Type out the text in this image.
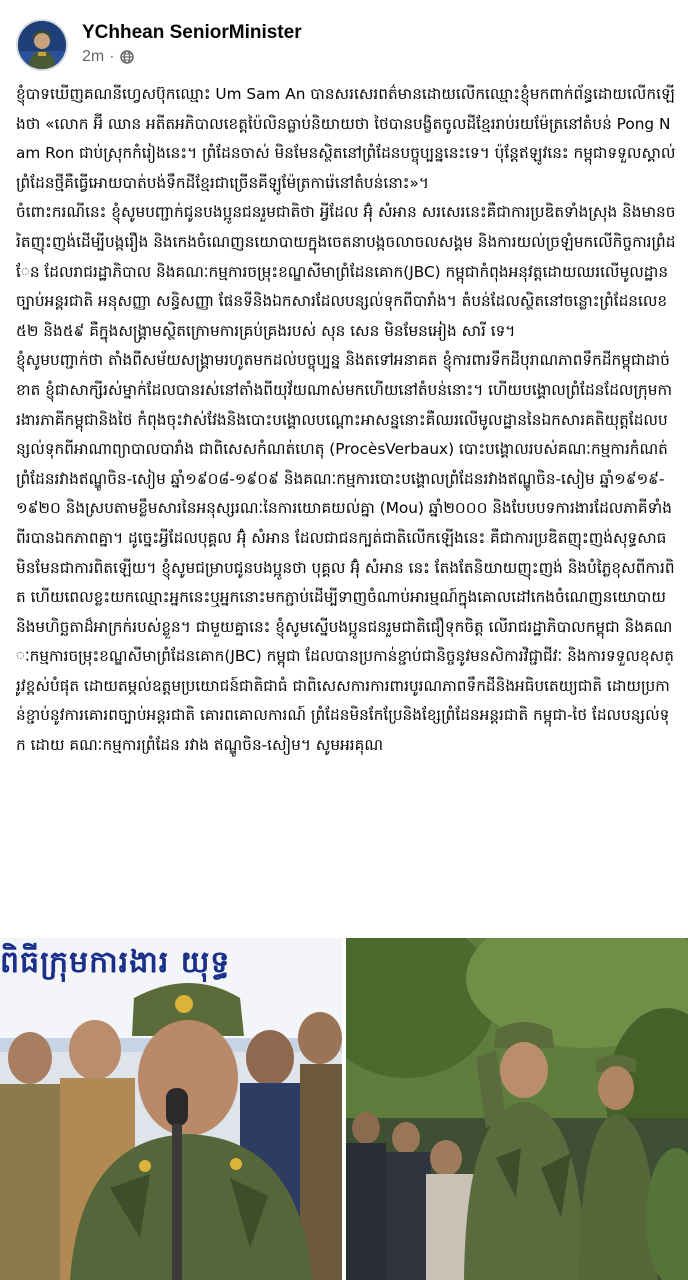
YChhean SeniorMinister
2m ·

ខ្ញុំបាទឃើញគណនីហ្វេសប៊ុកឈ្មោះ Um Sam An បានសរសេរពត៌មានដោយលើកឈ្មោះខ្ញុំមកពាក់ព័ន្ធដោយលើកឡើងថា «លោក អ៊ី ឈាន អតីតអភិបាលខេត្តប៉ៃលិនធ្លាប់និយាយថា ថៃបានបង្ខិតចូលដីខ្មែររាប់រយម៉ែត្រនៅតំបន់ Pong Nam Ron ជាប់ស្រុកកំរៀងនេះ។ ព្រំដែនចាស់ មិនមែនស្ថិតនៅព្រំដែនបច្ចុប្បន្ននេះទេ។ ប៉ុន្តែឥឡូវនេះ កម្ពុជាទទួលស្គាល់ព្រំដែនថ្មីគឺធ្វើអោយបាត់បង់ទឹកដីខ្មែរជាច្រើនគីឡូម៉ែត្រការ៉េនៅតំបន់នោះ»។

ចំពោះករណីនេះ ខ្ញុំសូមបញ្ជាក់ជូនបងប្អូនជនរួមជាតិថា អ្វីដែល អ៊ុំ សំអាន សរសេរនេះគឺជាការប្រឌិតទាំងស្រុង និងមានចរិតញុះញង់ដើម្បីបង្ករឿង និងកេងចំណេញនយោបាយក្នុងចេតនាបង្កចលាចលសង្គម និងការយល់ច្រឡំមកលើកិច្ចការព្រំដែន ដែលរាជរដ្ឋាភិបាល និងគណៈកម្មការចម្រុះខណ្ឌសីមាព្រំដែនគោក(JBC) កម្ពុជាកំពុងអនុវត្តដោយឈរលើមូលដ្ឋានច្បាប់អន្តរជាតិ អនុសញ្ញា សន្ធិសញ្ញា ផែនទីនិងឯកសារដែលបន្សល់ទុកពីបារាំង។ តំបន់ដែលស្ថិតនៅចន្លោះព្រំដែនលេខ៥២ និង៥៩ គឺក្នុងសង្គ្រាមស្ថិតក្រោមការគ្រប់គ្រងរបស់ សុន សេន មិនមែនអៀង សារី ទេ។

ខ្ញុំសូមបញ្ជាក់ថា តាំងពីសម័យសង្គ្រាមរហូតមកដល់បច្ចុប្បន្ន និងតទៅអនាគត ខ្ញុំការពារទឹកដីបុរាណភាពទឹកដីកម្ពុជាដាច់ខាត ខ្ញុំជាសាក្សីរស់ម្នាក់ដែលបានរស់នៅតាំងពីយុវ័យណាស់មកហើយនៅតំបន់នោះ។ ហើយបង្គោលព្រំដែនដែលក្រុមការងារភាគីកម្ពុជានិងថៃ កំពុងចុះវាស់វែងនិងបោះបង្គោលបណ្តោះអាសន្ននោះគឺឈរលើមូលដ្ឋាននៃឯកសារគតិយុត្តដែលបន្សល់ទុកពីអាណាព្យាបាលបារាំង ជាពិសេសកំណត់ហេតុ (ProcèsVerbaux) បោះបង្គោលរបស់គណៈកម្មការកំណត់ព្រំដែនរវាងឥណ្ឌូចិន-សៀម ឆ្នាំ១៩០៨-១៩០៩ និងគណៈកម្មការបោះបង្គោលព្រំដែនរវាងឥណ្ឌូចិន-សៀម ឆ្នាំ១៩១៩-១៩២០ និងស្របតាមខ្លឹមសារនៃអនុស្សរណៈនៃការយោគយល់គ្នា (Mou) ឆ្នាំ២០០០ និងបែបបទការងារដែលភាគីទាំងពីរបានឯកភាពគ្នា។ ដូច្នេះអ្វីដែលបុគ្គល អ៊ុំ សំអាន ដែលជាជនក្បត់ជាតិលើកឡើងនេះ គឺជាការប្រឌិតញុះញង់សុទ្ធសាធមិនមែនជាការពិតឡើយ។ ខ្ញុំសូមជម្រាបជូនបងប្អូនថា បុគ្គល អ៊ុំ សំអាន នេះ តែងតែនិយាយញុះញង់ និងបំភ្លៃខុសពីការពិត ហើយពេលខ្លះយកឈ្មោះអ្នកនេះឬអ្នកនោះមកភ្ជាប់ដើម្បីទាញចំណាប់អារម្មណ៍ក្នុងគោលដៅកេងចំណេញនយោបាយ និងមហិច្ឆតាដ៏អាក្រក់របស់ខ្លួន។ ជាមួយគ្នានេះ ខ្ញុំសូមស្នើបងប្អូនជនរួមជាតិជឿទុកចិត្ត លើរាជរដ្ឋាភិបាលកម្ពុជា និងគណៈកម្មការចម្រុះខណ្ឌសីមាព្រំដែនគោក(JBC) កម្ពុជា ដែលបានប្រកាន់ខ្ជាប់ជានិច្ចនូវមនសិការវិជ្ជាជីវៈ និងការទទួលខុសត្រូវខ្ពស់បំផុត ដោយតម្កល់ឧត្តមប្រយោជន៍ជាតិជាធំ ជាពិសេសការការពារបូរណភាពទឹកដីនិងអធិបតេយ្យជាតិ ដោយប្រកាន់ខ្ជាប់នូវការគោរពច្បាប់អន្តរជាតិ គោរពគោលការណ៍ ព្រំដែនមិនកែប្រែនិងខ្សែព្រំដែនអន្តរជាតិ កម្ពុជា-ថៃ ដែលបន្សល់ទុក ដោយ គណៈកម្មការព្រំដែន រវាង ឥណ្ឌូចិន-សៀម។ សូមអរគុណ

ពិធីក្រុមការងារ យុទ្ធ
